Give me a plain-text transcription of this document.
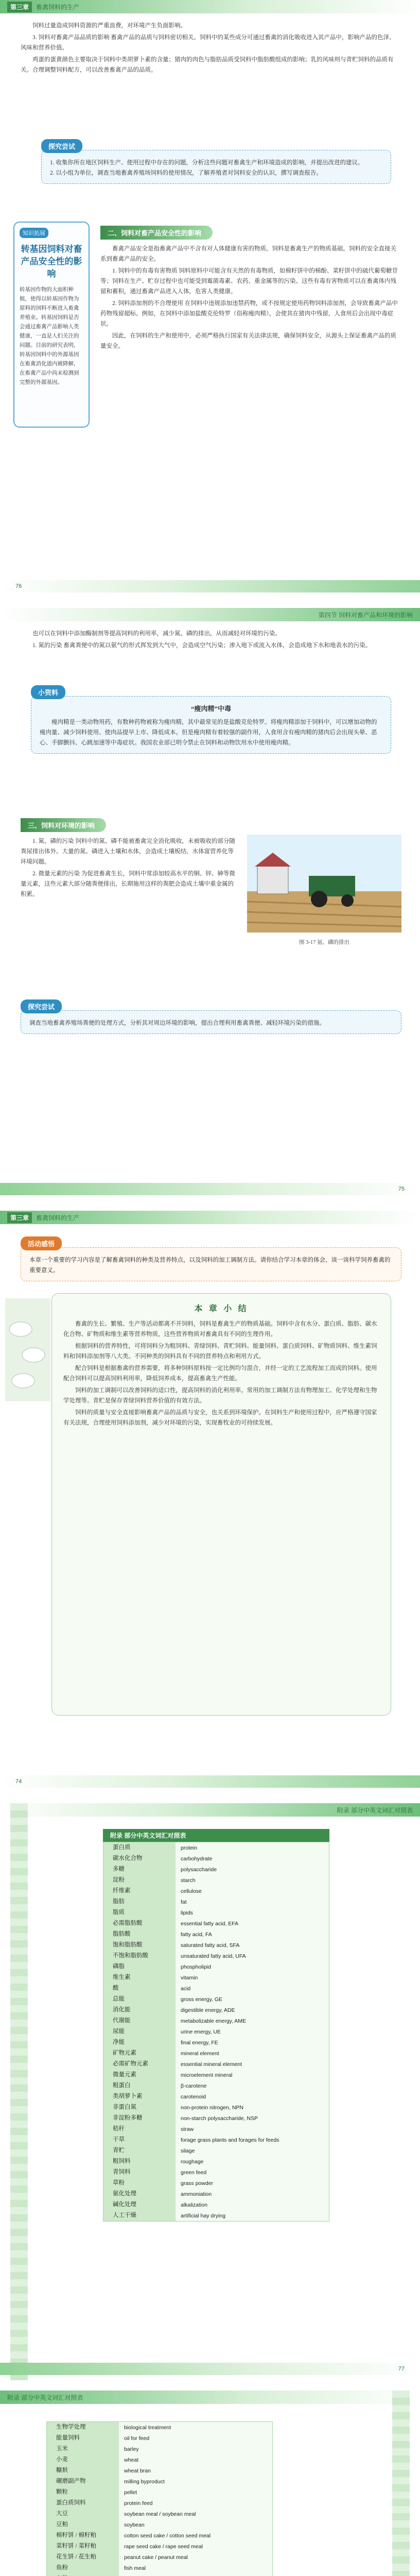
第三章	畜禽饲料的生产

饲料过量造成饲料资源的严重浪费，对环境产生负面影响。

3. 饲料对畜禽产品品质的影响 畜禽产品的品质与饲料密切相关。饲料中的某些成分可通过畜禽的消化吸收进入其产品中，影响产品的色泽、风味和营养价值。

鸡蛋的蛋黄颜色主要取决于饲料中类胡萝卜素的含量；猪肉的肉色与脂肪品质受饲料中脂肪酸组成的影响；乳的风味则与青贮饲料的品质有关。合理调整饲料配方，可以改善畜禽产品的品质。

探究尝试
1. 收集你所在地区饲料生产、使用过程中存在的问题，分析这些问题对畜禽生产和环境造成的影响，并提出改进的建议。
2. 以小组为单位，调查当地畜禽养殖场饲料的使用情况，了解养殖者对饲料安全的认识，撰写调查报告。
知识拓展
转基因饲料对畜产品安全性的影响
转基因作物的大面积种植，使得以转基因作物为原料的饲料不断进入畜禽养殖业。转基因饲料是否会通过畜禽产品影响人类健康，一直是人们关注的问题。目前的研究表明，转基因饲料中的外源基因在畜禽消化道内被降解，在畜禽产品中尚未检测到完整的外源基因。
二、饲料对畜产品安全性的影响

畜禽产品安全是指畜禽产品中不含有对人体健康有害的物质。饲料是畜禽生产的物质基础，饲料的安全直接关系到畜禽产品的安全。

1. 饲料中的有毒有害物质 饲料原料中可能含有天然的有毒物质，如棉籽饼中的棉酚、菜籽饼中的硫代葡萄糖苷等；饲料在生产、贮存过程中也可能受到霉菌毒素、农药、重金属等的污染。这些有毒有害物质可以在畜禽体内残留和蓄积，通过畜禽产品进入人体，危害人类健康。

2. 饲料添加剂的不合理使用 在饲料中违规添加违禁药物，或不按规定使用药物饲料添加剂，会导致畜禽产品中药物残留超标。例如，在饲料中添加盐酸克伦特罗（俗称瘦肉精），会使其在猪肉中残留，人食用后会出现中毒症状。

因此，在饲料的生产和使用中，必须严格执行国家有关法律法规，确保饲料安全，从源头上保证畜禽产品的质量安全。

76
第四节 饲料对畜产品和环境的影响

也可以在饲料中添加酶制剂等提高饲料的利用率，减少氮、磷的排出，从而减轻对环境的污染。

1. 氮的污染 畜禽粪便中的氮以氨气的形式挥发到大气中，会造成空气污染；渗入地下或流入水体，会造成地下水和地表水的污染。

小资料
“瘦肉精”中毒
瘦肉精是一类动物用药，有数种药物被称为瘦肉精，其中最常见的是盐酸克伦特罗。将瘦肉精添加于饲料中，可以增加动物的瘦肉量、减少饲料使用、使肉品提早上市、降低成本。但是瘦肉精有着较强的副作用，人食用含有瘦肉精的猪肉后会出现头晕、恶心、手脚颤抖、心跳加速等中毒症状。我国农业部已明令禁止在饲料和动物饮用水中使用瘦肉精。
三、饲料对环境的影响

1. 氮、磷的污染 饲料中的氮、磷不能被畜禽完全消化吸收，未被吸收的部分随粪尿排出体外。大量的氮、磷进入土壤和水体，会造成土壤板结、水体富营养化等环境问题。

2. 微量元素的污染 为促进畜禽生长，饲料中常添加较高水平的铜、锌、砷等微量元素，这些元素大部分随粪便排出，长期施用这样的粪肥会造成土壤中重金属的积累。

图 3-17 氨、磷的排出
探究尝试
调查当地畜禽养殖场粪便的处理方式，分析其对周边环境的影响，提出合理利用畜禽粪便、减轻环境污染的措施。
75
第三章	畜禽饲料的生产
活动感悟
本章一个重要的学习内容是了解畜禽饲料的种类及营养特点，以及饲料的加工调制方法。请你结合学习本章的体会，谈一谈科学饲养畜禽的重要意义。
本 章 小 结

畜禽的生长、繁殖、生产等活动都离不开饲料，饲料是畜禽生产的物质基础。饲料中含有水分、蛋白质、脂肪、碳水化合物、矿物质和维生素等营养物质，这些营养物质对畜禽具有不同的生理作用。

根据饲料的营养特性，可将饲料分为粗饲料、青绿饲料、青贮饲料、能量饲料、蛋白质饲料、矿物质饲料、维生素饲料和饲料添加剂等八大类。不同种类的饲料具有不同的营养特点和利用方式。

配合饲料是根据畜禽的营养需要，将多种饲料原料按一定比例均匀混合，并经一定的工艺流程加工而成的饲料。使用配合饲料可以提高饲料利用率，降低饲养成本，提高畜禽生产性能。

饲料的加工调制可以改善饲料的适口性，提高饲料的消化利用率。常用的加工调制方法有物理加工、化学处理和生物学处理等。青贮是保存青绿饲料营养价值的有效方法。

饲料的质量与安全直接影响畜禽产品的品质与安全，也关系到环境保护。在饲料生产和使用过程中，应严格遵守国家有关法规，合理使用饲料添加剂，减少对环境的污染，实现畜牧业的可持续发展。

74
附录 部分中英文词汇对照表
附录 部分中英文词汇对照表
蛋白质	protein
碳水化合物	carbohydrate
多糖	polysaccharide
淀粉	starch
纤维素	cellulose
脂肪	fat
脂质	lipids
必需脂肪酸	essential fatty acid, EFA
脂肪酸	fatty acid, FA
饱和脂肪酸	saturated fatty acid, SFA
不饱和脂肪酸	unsaturated fatty acid, UFA
磷脂	phospholipid
维生素	vitamin
酸	acid
总能	gross energy, GE
消化能	digestible energy, ADE
代谢能	metabolizable energy, AME
尿能	urine energy, UE
净能	final energy, FE
矿物元素	mineral element
必需矿物元素	essential mineral element
微量元素	microelement mineral
粗蛋白	β-carotene
类胡萝卜素	carotenoid
非蛋白氮	non-protein nitrogen, NPN
非淀粉多糖	non-starch polysaccharide, NSP
秸秆	straw
干草	forage grass plants and forages for feeds
青贮	silage
粗饲料	roughage
青饲料	green feed
草粉	grass powder
氨化处理	ammoniation
碱化处理	alkalization
人工干燥	artificial hay drying
77
附录 部分中英文词汇对照表
生物学处理	biological treatment
能量饲料	oil for feed
玉米	barley
小麦	wheat
糠麸	wheat bran
碾磨副产物	milling byproduct
颗粒	pellet
蛋白质饲料	protein feed
大豆	soybean meal / soybean meal
豆粕	soybean
棉籽饼 / 棉籽粕	cotton seed cake / cotton seed meal
菜籽饼 / 菜籽粕	rape seed cake / rape seed meal
花生饼 / 花生粕	peanut cake / peanut meal
鱼粉	fish meal
